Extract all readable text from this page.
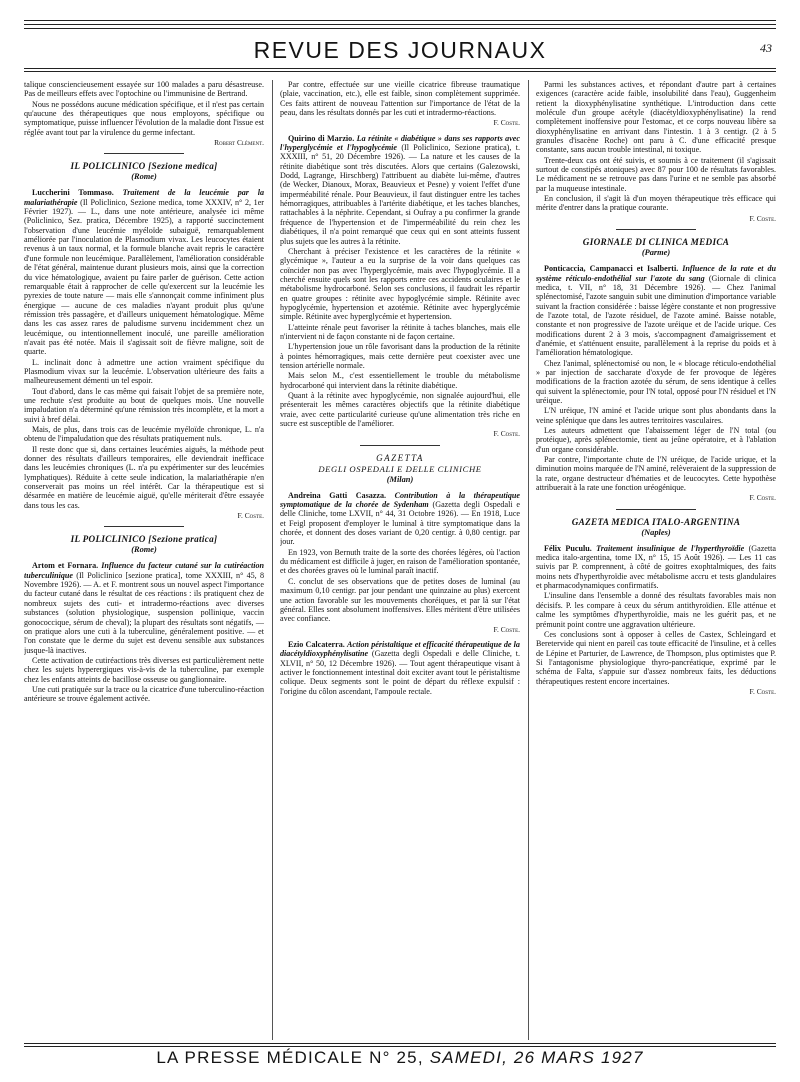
REVUE DES JOURNAUX	43

talique consciencieusement essayée sur 100 malades a paru désastreuse. Pas de meilleurs effets avec l'optochine ou l'immunisine de Bertrand.

Nous ne possédons aucune médication spécifique, et il n'est pas certain qu'aucune des thérapeutiques que nous employons, spécifique ou symptomatique, puisse influencer l'évolution de la maladie dont l'issue est réglée avant tout par la virulence du germe infectant.

Robert Clément.
IL POLICLINICO [Sezione medica]
(Rome)

Luccherini Tommaso. Traitement de la leucémie par la malariathérapie (Il Policlinico, Sezione medica, tome XXXIV, n° 2, 1er Février 1927). — L., dans une note antérieure, analysée ici même (Policlinico, Sez. pratica, Décembre 1925), a rapporté succinctement l'observation d'une leucémie myéloïde subaiguë, remarquablement améliorée par l'inoculation de Plasmodium vivax. Les leucocytes étaient revenus à un taux normal, et la formule blanche avait repris le caractère d'une formule non leucémique. Parallèlement, l'amélioration considérable de l'état général, maintenue durant plusieurs mois, ainsi que la correction du vice hématologique, avaient pu faire parler de guérison. Cette action remarquable était à rapprocher de celle qu'exercent sur la leucémie les pyrexies de toute nature — mais elle s'annonçait comme infiniment plus énergique — aucune de ces maladies n'ayant produit plus qu'une rémission très passagère, et d'ailleurs uniquement hématologique. Même dans les cas assez rares de paludisme survenu incidemment chez un leucémique, ou intentionnellement inoculé, une pareille amélioration n'avait pas été notée. Mais il s'agissait soit de fièvre maligne, soit de quarte.

L. inclinait donc à admettre une action vraiment spécifique du Plasmodium vivax sur la leucémie. L'observation ultérieure des faits a malheureusement démenti un tel espoir.

Tout d'abord, dans le cas même qui faisait l'objet de sa première note, une rechute s'est produite au bout de quelques mois. Une nouvelle impaludation n'a déterminé qu'une rémission très incomplète, et la mort a suivi à bref délai.

Mais, de plus, dans trois cas de leucémie myéloïde chronique, L. n'a obtenu de l'impaludation que des résultats pratiquement nuls.

Il reste donc que si, dans certaines leucémies aiguës, la méthode peut donner des résultats d'ailleurs temporaires, elle deviendrait inefficace dans les leucémies chroniques (L. n'a pu expérimenter sur des leucémies lymphatiques). Réduite à cette seule indication, la malariathérapie n'en conserverait pas moins un réel intérêt. Car la thérapeutique est si désarmée en matière de leucémie aiguë, qu'elle mériterait d'être essayée dans tous les cas.

F. Coste.
IL POLICLINICO [Sezione pratica]
(Rome)

Artom et Fornara. Influence du facteur cutané sur la cutiréaction tuberculinique (Il Policlinico [sezione pratica], tome XXXIII, n° 45, 8 Novembre 1926). — A. et F. montrent sous un nouvel aspect l'importance du facteur cutané dans le résultat de ces réactions : ils pratiquent chez de nombreux sujets des cuti- et intradermo-réactions avec diverses substances (solution physiologique, suspension pollinique, vaccin gonococcique, sérum de cheval); la plupart des résultats sont négatifs, — on pratique alors une cuti à la tuberculine, généralement positive. — et l'on constate que le derme du sujet est devenu sensible aux substances jusque-là inactives.

Cette activation de cutiréactions très diverses est particulièrement nette chez les sujets hyperergiques vis-à-vis de la tuberculine, par exemple chez les enfants atteints de bacillose osseuse ou ganglionnaire.

Une cuti pratiquée sur la trace ou la cicatrice d'une tuberculino-réaction antérieure se trouve également activée.

Par contre, effectuée sur une vieille cicatrice fibreuse traumatique (plaie, vaccination, etc.), elle est faible, sinon complètement supprimée. Ces faits attirent de nouveau l'attention sur l'importance de l'état de la peau, dans les résultats donnés par les cuti et intradermo-réactions.

F. Coste.

Quirino di Marzio. La rétinite « diabétique » dans ses rapports avec l'hyperglycémie et l'hypoglycémie (Il Policlinico, Sezione pratica), t. XXXIII, n° 51, 20 Décembre 1926). — La nature et les causes de la rétinite diabétique sont très discutées. Alors que certains (Galezowski, Dodd, Lagrange, Hirschberg) l'attribuent au diabète lui-même, d'autres (de Wecker, Dianoux, Morax, Beauvieux et Pesne) y voient l'effet d'une imperméabilité rénale. Pour Beauvieux, il faut distinguer entre les taches hémorragiques, attribuables à l'artérite diabétique, et les taches blanches, rattachables à la néphrite. Cependant, si Oufray a pu confirmer la grande fréquence de l'hypertension et de l'imperméabilité du rein chez les diabétiques, il n'a point remarqué que ceux qui en sont atteints fussent plus sujets que les autres à la rétinite.

Cherchant à préciser l'existence et les caractères de la rétinite « glycémique », l'auteur a eu la surprise de la voir dans quelques cas coïncider non pas avec l'hyperglycémie, mais avec l'hypoglycémie. Il a cherché ensuite quels sont les rapports entre ces accidents oculaires et le métabolisme hydrocarboné. Selon ses conclusions, il faudrait les répartir en quatre groupes : rétinite avec hypoglycémie simple. Rétinite avec hypoglycémie, hypertension et azotémie. Rétinite avec hyperglycémie simple. Rétinite avec hyperglycémie et hypertension.

L'atteinte rénale peut favoriser la rétinite à taches blanches, mais elle n'intervient ni de façon constante ni de façon certaine.

L'hypertension joue un rôle favorisant dans la production de la rétinite à pointes hémorragiques, mais cette dernière peut coexister avec une tension artérielle normale.

Mais selon M., c'est essentiellement le trouble du métabolisme hydrocarboné qui intervient dans la rétinite diabétique.

Quant à la rétinite avec hypoglycémie, non signalée aujourd'hui, elle présenterait les mêmes caractères objectifs que la rétinite diabétique vraie, avec cette particularité curieuse qu'une alimentation très riche en sucre est susceptible de l'améliorer.

F. Coste.
GAZETTA
DEGLI OSPEDALI E DELLE CLINICHE
(Milan)

Andreina Gatti Casazza. Contribution à la thérapeutique symptomatique de la chorée de Sydenham (Gazetta degli Ospedali e delle Cliniche, tome LXVII, n° 44, 31 Octobre 1926). — En 1918, Luce et Feigl proposent d'employer le luminal à titre symptomatique dans la chorée, et donnent des doses variant de 0,20 centigr. à 0,80 centigr. par jour.

En 1923, von Bernuth traite de la sorte des chorées légères, où l'action du médicament est difficile à juger, en raison de l'amélioration spontanée, et des chorées graves où le luminal paraît inactif.

C. conclut de ses observations que de petites doses de luminal (au maximum 0,10 centigr. par jour pendant une quinzaine au plus) exercent une action favorable sur les mouvements choréiques, et par là sur l'état général. Elles sont absolument inoffensives. Elles méritent d'être utilisées avec confiance.

F. Coste.

Ezio Calcaterra. Action péristaltique et efficacité thérapeutique de la diacétyldioxyphénylisatine (Gazetta degli Ospedali e delle Cliniche, t. XLVII, n° 50, 12 Décembre 1926). — Tout agent thérapeutique visant à activer le fonctionnement intestinal doit exciter avant tout le péristaltisme colique. Deux segments sont le point de départ du réflexe expulsif : l'origine du côlon ascendant, l'ampoule rectale.

Parmi les substances actives, et répondant d'autre part à certaines exigences (caractère acide faible, insolubilité dans l'eau), Guggenheim retient la dioxyphénylisatine synthétique. L'introduction dans cette molécule d'un groupe acétyle (diacétyldioxyphénylisatine) la rend complètement inoffensive pour l'estomac, et ce corps nouveau libère sa dioxyphénylisatine en arrivant dans l'intestin. 1 à 3 centigr. (2 à 5 granules d'isacène Roche) ont paru à C. d'une efficacité presque constante, sans aucun trouble intestinal, ni toxique.

Trente-deux cas ont été suivis, et soumis à ce traitement (il s'agissait surtout de constipés atoniques) avec 87 pour 100 de résultats favorables. Le médicament ne se retrouve pas dans l'urine et ne semble pas absorbé par la muqueuse intestinale.

En conclusion, il s'agit là d'un moyen thérapeutique très efficace qui mérite d'entrer dans la pratique courante.

F. Coste.
GIORNALE DI CLINICA MEDICA
(Parme)

Ponticaccia, Campanacci et Isalberti. Influence de la rate et du système réticulo-endothélial sur l'azote du sang (Giornale di clinica medica, t. VII, n° 18, 31 Décembre 1926). — Chez l'animal splénectomisé, l'azote sanguin subit une diminution d'importance variable suivant la fraction considérée : baisse légère constante et non progressive de l'azote total, de l'azote résiduel, de l'azote aminé. Baisse notable, constante et non progressive de l'azote uréique et de l'acide urique. Ces modifications durent 2 à 3 mois, s'accompagnent d'amaigrissement et d'anémie, et s'atténuent ensuite, parallèlement à la reprise du poids et à l'amélioration hématologique.

Chez l'animal, splénectomisé ou non, le « blocage réticulo-endothélial » par injection de saccharate d'oxyde de fer provoque de légères modifications de la fraction azotée du sérum, de sens identique à celles qui suivent la splénectomie, pour l'N total, opposé pour l'N résiduel et l'N uréique.

L'N uréique, l'N aminé et l'acide urique sont plus abondants dans la veine splénique que dans les autres territoires vasculaires.

Les auteurs admettent que l'abaissement léger de l'N total (ou protéique), après splénectomie, tient au jeûne opératoire, et à l'ablation d'un organe considérable.

Par contre, l'importante chute de l'N uréique, de l'acide urique, et la diminution moins marquée de l'N aminé, relèveraient de la suppression de la rate, organe destructeur d'hématies et de leucocytes. Cette hypothèse attribuerait à la rate une fonction uréogénique.

F. Coste.
GAZETA MEDICA ITALO-ARGENTINA
(Naples)

Félix Puculu. Traitement insulinique de l'hyperthyroïdie (Gazetta medica italo-argentina, tome IX, n° 15, 15 Août 1926). — Les 11 cas suivis par P. comprennent, à côté de goitres exophtalmiques, des faits moins nets d'hyperthyroïdie avec métabolisme accru et tests glandulaires et pharmacodynamiques confirmatifs.

L'insuline dans l'ensemble a donné des résultats favorables mais non décisifs. P. les compare à ceux du sérum antithyroïdien. Elle atténue et calme les symptômes d'hyperthyroïdie, mais ne les guérit pas, et ne prémunit point contre une aggravation ultérieure.

Ces conclusions sont à opposer à celles de Castex, Schleingard et Beretervide qui nient en pareil cas toute efficacité de l'insuline, et à celles de Lépine et Parturier, de Lawrence, de Thompson, plus optimistes que P. Si l'antagonisme physiologique thyro-pancréatique, exprimé par le schéma de Falta, s'appuie sur d'assez nombreux faits, les déductions thérapeutiques restent encore incertaines.

F. Coste.
LA PRESSE MÉDICALE N° 25, SAMEDI, 26 MARS 1927
